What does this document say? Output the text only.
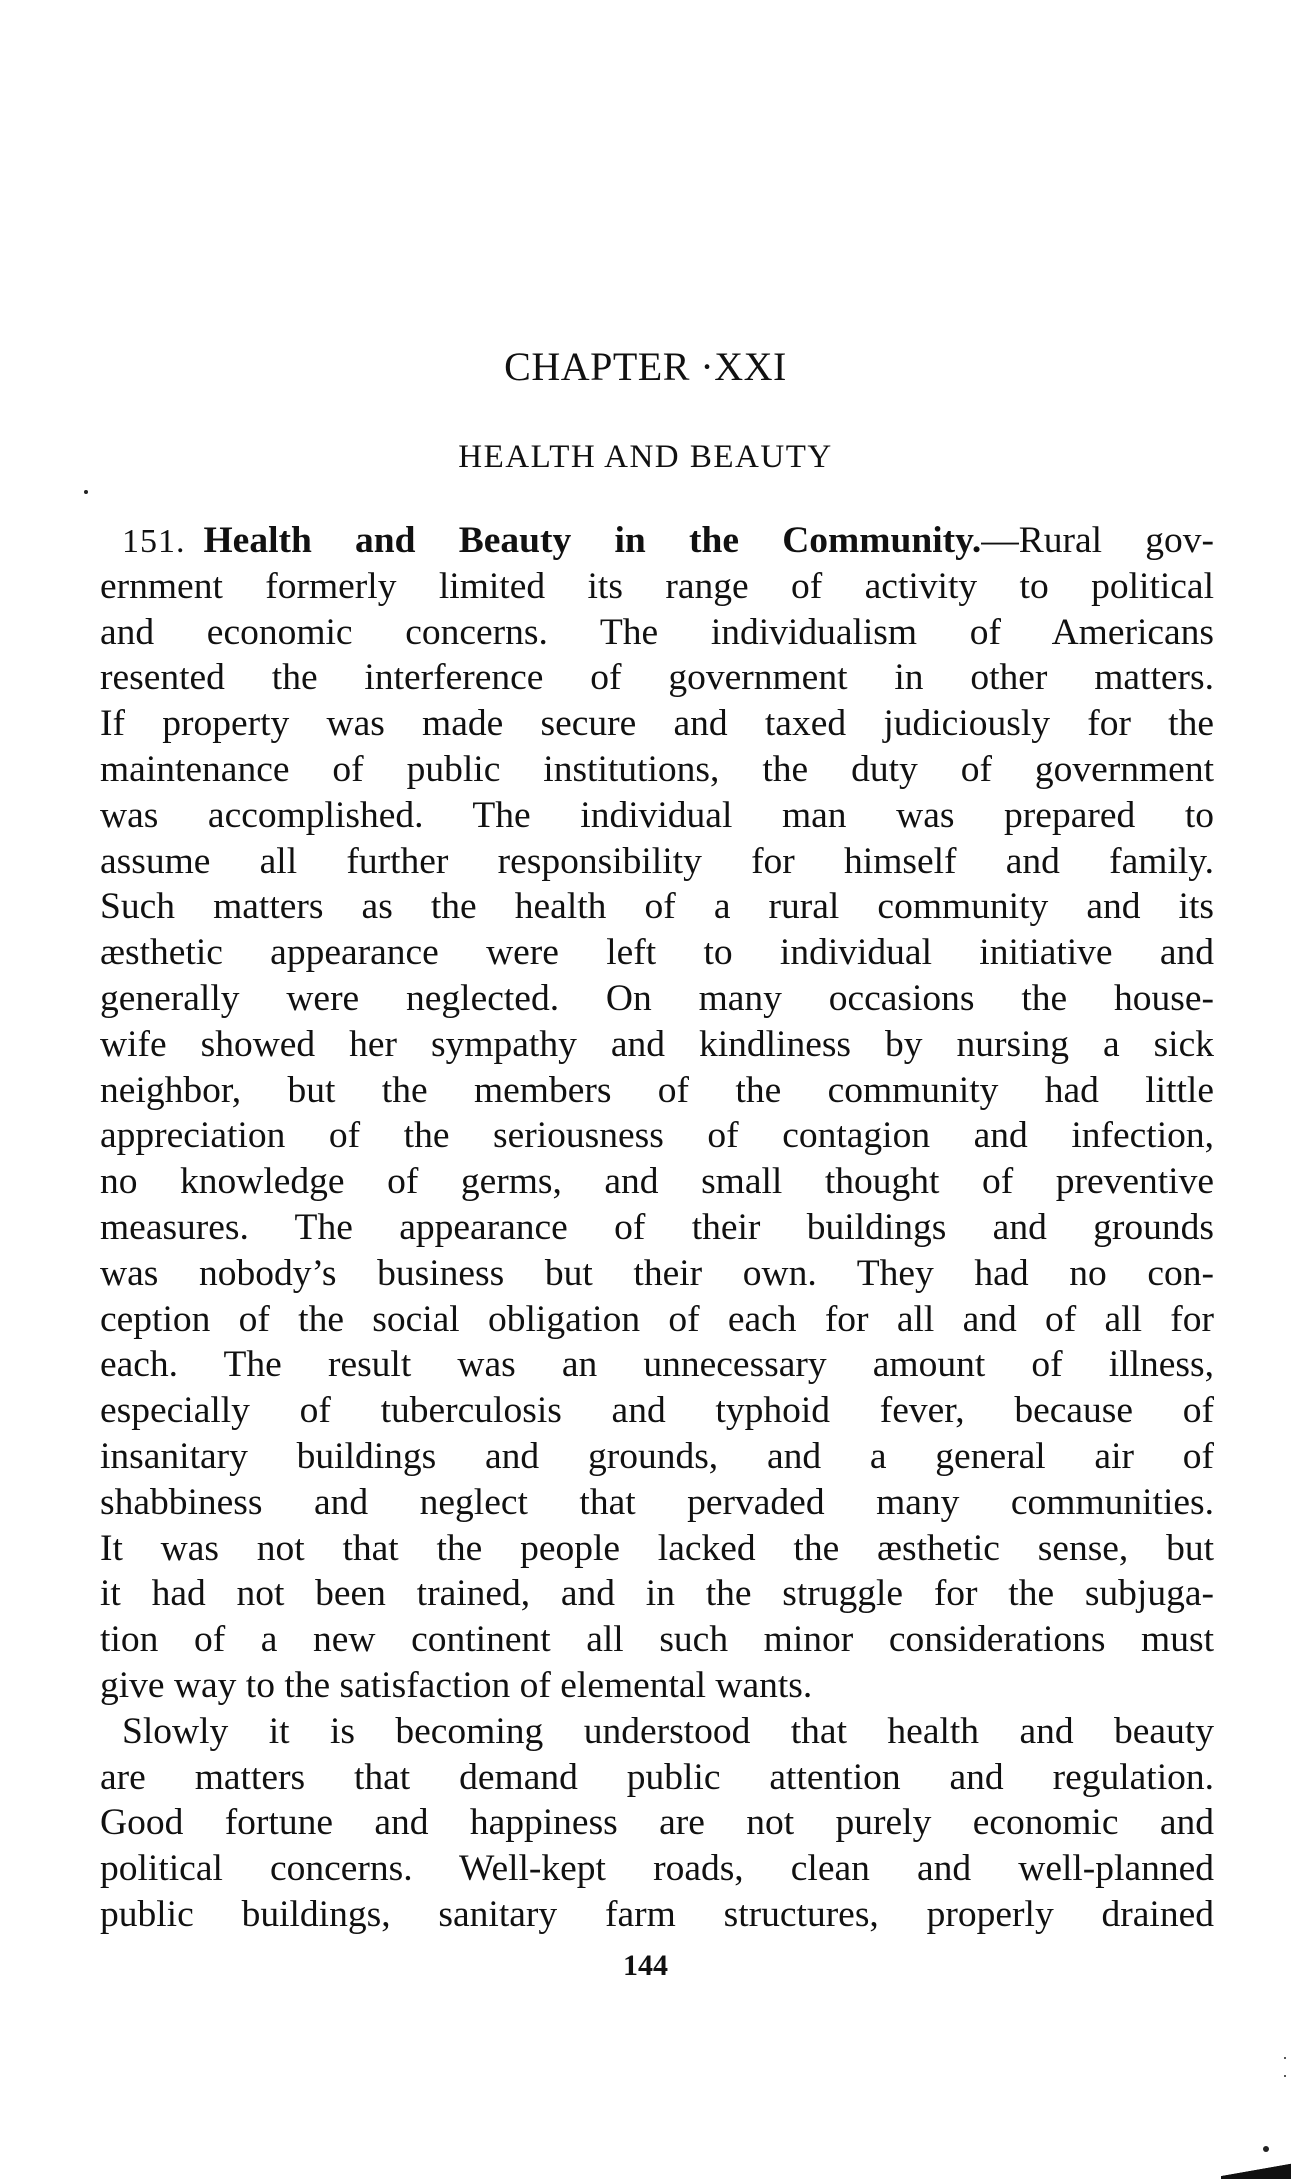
CHAPTER ·XXI
HEALTH AND BEAUTY
151. Health and Beauty in the Community.—Rural gov-
ernment formerly limited its range of activity to political
and economic concerns. The individualism of Americans
resented the interference of government in other matters.
If property was made secure and taxed judiciously for the
maintenance of public institutions, the duty of government
was accomplished. The individual man was prepared to
assume all further responsibility for himself and family.
Such matters as the health of a rural community and its
æsthetic appearance were left to individual initiative and
generally were neglected. On many occasions the house-
wife showed her sympathy and kindliness by nursing a sick
neighbor, but the members of the community had little
appreciation of the seriousness of contagion and infection,
no knowledge of germs, and small thought of preventive
measures. The appearance of their buildings and grounds
was nobody’s business but their own. They had no con-
ception of the social obligation of each for all and of all for
each. The result was an unnecessary amount of illness,
especially of tuberculosis and typhoid fever, because of
insanitary buildings and grounds, and a general air of
shabbiness and neglect that pervaded many communities.
It was not that the people lacked the æsthetic sense, but
it had not been trained, and in the struggle for the subjuga-
tion of a new continent all such minor considerations must
give way to the satisfaction of elemental wants.
Slowly it is becoming understood that health and beauty
are matters that demand public attention and regulation.
Good fortune and happiness are not purely economic and
political concerns. Well-kept roads, clean and well-planned
public buildings, sanitary farm structures, properly drained
144
